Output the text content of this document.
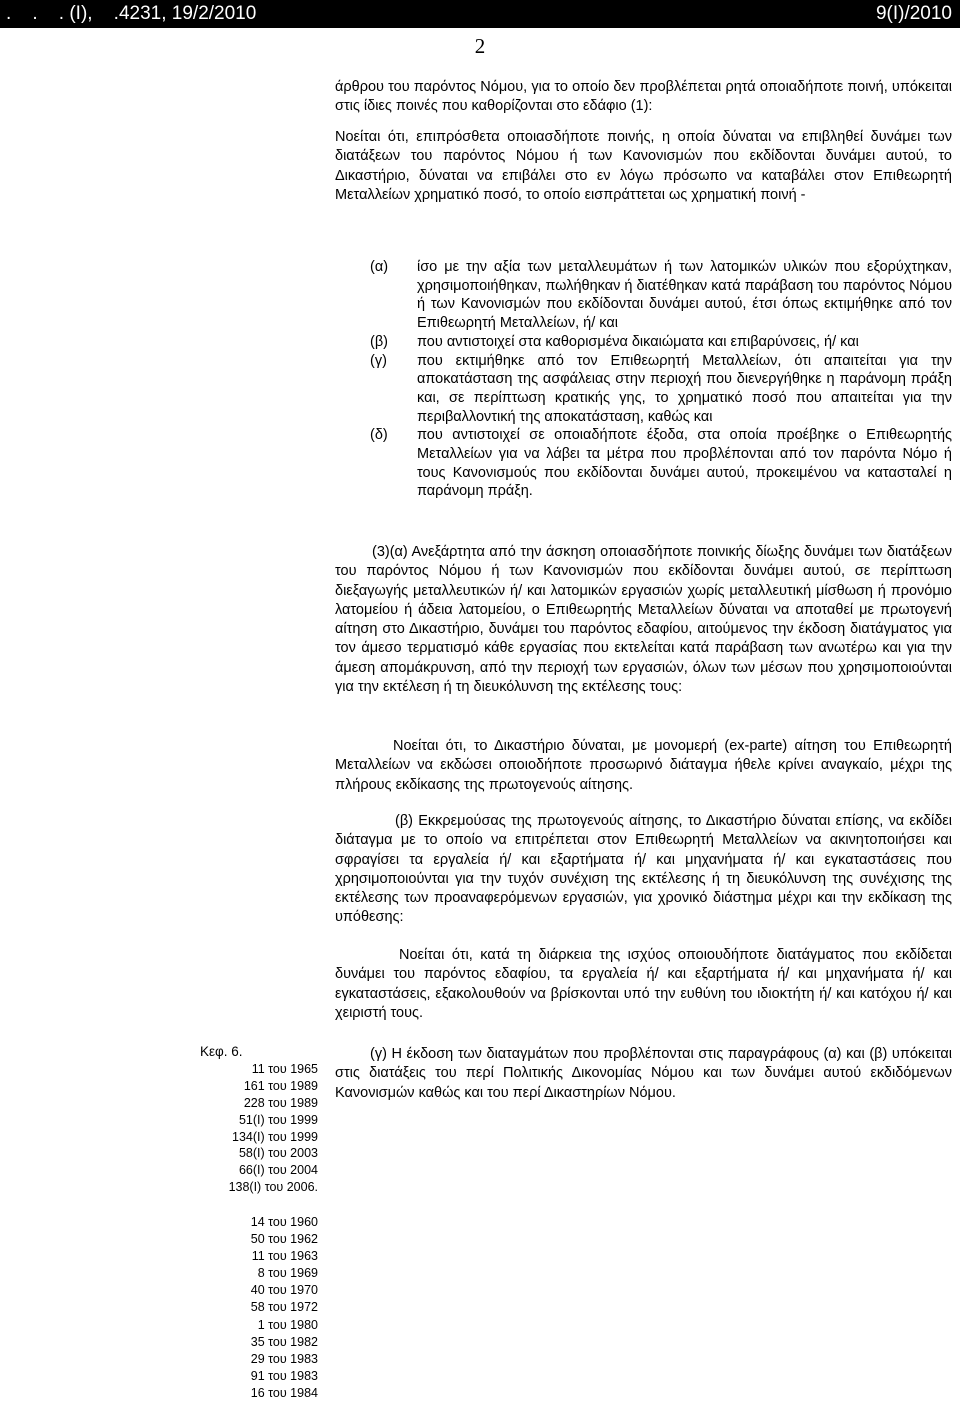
.    .    . (Ι),    .4231, 19/2/2010	9(Ι)/2010
2

άρθρου του παρόντος Νόμου, για το οποίο δεν προβλέπεται ρητά οποιαδήποτε ποινή, υπόκειται στις ίδιες ποινές που καθορίζονται στο εδάφιο (1):

Νοείται ότι, επιπρόσθετα οποιασδήποτε ποινής, η οποία δύναται να επιβληθεί δυνάμει των διατάξεων του παρόντος Νόμου ή των Κανονισμών που εκδίδονται δυνάμει αυτού, το Δικαστήριο, δύναται να επιβάλει στο εν λόγω πρόσωπο να καταβάλει στον Επιθεωρητή Μεταλλείων χρηματικό ποσό, το οποίο εισπράττεται ως χρηματική ποινή -

(α) ίσο με την αξία των μεταλλευμάτων ή των λατομικών υλικών που εξορύχτηκαν, χρησιμοποιήθηκαν, πωλήθηκαν ή διατέθηκαν κατά παράβαση του παρόντος Νόμου ή των Κανονισμών που εκδίδονται δυνάμει αυτού, έτσι όπως εκτιμήθηκε από τον Επιθεωρητή Μεταλλείων, ή/ και
(β) που αντιστοιχεί στα καθορισμένα δικαιώματα και επιβαρύνσεις, ή/ και
(γ) που εκτιμήθηκε από τον Επιθεωρητή Μεταλλείων, ότι απαιτείται για την αποκατάσταση της ασφάλειας στην περιοχή που διενεργήθηκε η παράνομη πράξη και, σε περίπτωση κρατικής γης, το χρηματικό ποσό που απαιτείται για την περιβαλλοντική της αποκατάσταση, καθώς και
(δ) που αντιστοιχεί σε οποιαδήποτε έξοδα, στα οποία προέβηκε ο Επιθεωρητής Μεταλλείων για να λάβει τα μέτρα που προβλέπονται από τον παρόντα Νόμο ή τους Κανονισμούς που εκδίδονται δυνάμει αυτού, προκειμένου να κατασταλεί η παράνομη πράξη.

(3)(α) Ανεξάρτητα από την άσκηση οποιασδήποτε ποινικής δίωξης δυνάμει των διατάξεων του παρόντος Νόμου ή των Κανονισμών που εκδίδονται δυνάμει αυτού, σε περίπτωση διεξαγωγής μεταλλευτικών ή/ και λατομικών εργασιών χωρίς μεταλλευτική μίσθωση ή προνόμιο λατομείου ή άδεια λατομείου, ο Επιθεωρητής Μεταλλείων δύναται να αποταθεί με πρωτογενή αίτηση στο Δικαστήριο, δυνάμει του παρόντος εδαφίου, αιτούμενος την έκδοση διατάγματος για τον άμεσο τερματισμό κάθε εργασίας που εκτελείται κατά παράβαση των ανωτέρω και για την άμεση απομάκρυνση, από την περιοχή των εργασιών, όλων των μέσων που χρησιμοποιούνται για την εκτέλεση ή τη διευκόλυνση της εκτέλεσης τους:

Νοείται ότι, το Δικαστήριο δύναται, με μονομερή (ex-parte) αίτηση του Επιθεωρητή Μεταλλείων να εκδώσει οποιοδήποτε προσωρινό διάταγμα ήθελε κρίνει αναγκαίο, μέχρι της πλήρους εκδίκασης της πρωτογενούς αίτησης.

(β) Εκκρεμούσας της πρωτογενούς αίτησης, το Δικαστήριο δύναται επίσης, να εκδίδει διάταγμα με το οποίο να επιτρέπεται στον Επιθεωρητή Μεταλλείων να ακινητοποιήσει και σφραγίσει τα εργαλεία ή/ και εξαρτήματα ή/ και μηχανήματα ή/ και εγκαταστάσεις που χρησιμοποιούνται για την τυχόν συνέχιση της εκτέλεσης ή τη διευκόλυνση της συνέχισης της εκτέλεσης των προαναφερόμενων εργασιών, για χρονικό διάστημα μέχρι και την εκδίκαση της υπόθεσης:

Νοείται ότι, κατά τη διάρκεια της ισχύος οποιουδήποτε διατάγματος που εκδίδεται δυνάμει του παρόντος εδαφίου, τα εργαλεία ή/ και εξαρτήματα ή/ και μηχανήματα ή/ και εγκαταστάσεις, εξακολουθούν να βρίσκονται υπό την ευθύνη του ιδιοκτήτη ή/ και κατόχου ή/ και χειριστή τους.

(γ) Η έκδοση των διαταγμάτων που προβλέπονται στις παραγράφους (α) και (β) υπόκειται στις διατάξεις του περί Πολιτικής Δικονομίας Νόμου και των δυνάμει αυτού εκδιδόμενων Κανονισμών καθώς και του περί Δικαστηρίων Νόμου.

Κεφ. 6.
11 του 1965
161 του 1989
228 του 1989
51(Ι) του 1999
134(Ι) του 1999
58(Ι) του 2003
66(Ι) του 2004
138(Ι) του 2006.
14 του 1960
50 του 1962
11 του 1963
8 του 1969
40 του 1970
58 του 1972
1 του 1980
35 του 1982
29 του 1983
91 του 1983
16 του 1984
